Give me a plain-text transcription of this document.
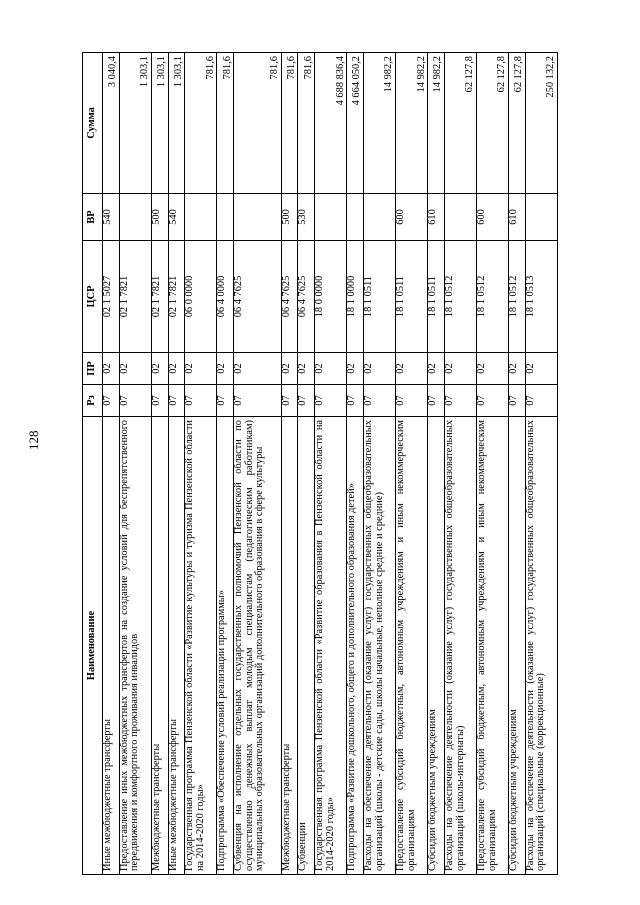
128
Наименование	Рз	ПР	ЦСР	ВР	Сумма
Иные межбюджетные трансферты	07	02	02 1 5027	540	3 040,4
Предоставление иных межбюджетных трансфертов на создание условий для беспрепятственного передвижения и комфортного проживания инвалидов	07	02	02 1 7821		1 303,1
Межбюджетные трансферты	07	02	02 1 7821	500	1 303,1
Иные межбюджетные трансферты	07	02	02 1 7821	540	1 303,1
Государственная программа Пензенской области «Развитие культуры и туризма Пензенской области на 2014-2020 годы»	07	02	06 0 0000		781,6
Подпрограмма «Обеспечение условий реализации программы»	07	02	06 4 0000		781,6
Субвенция на исполнение отдельных государственных полномочий Пензенской области по осуществлению денежных выплат молодым специалистам (педагогическим работникам) муниципальных образовательных организаций дополнительного образования в сфере культуры	07	02	06 4 7625		781,6
Межбюджетные трансферты	07	02	06 4 7625	500	781,6
Субвенции	07	02	06 4 7625	530	781,6
Государственная программа Пензенской области «Развитие образования в Пензенской области на 2014-2020 годы»	07	02	18 0 0000		4 688 836,4
Подпрограмма «Развитие дошкольного, общего и дополнительного образования детей»	07	02	18 1 0000		4 664 050,2
Расходы на обеспечение деятельности (оказание услуг) государственных общеобразовательных организаций (школы - детские сады, школы начальные, неполные средние и средние)	07	02	18 1 0511		14 982,2
Предоставление субсидий бюджетным, автономным учреждениям и иным некоммерческим организациям	07	02	18 1 0511	600	14 982,2
Субсидии бюджетным учреждениям	07	02	18 1 0511	610	14 982,2
Расходы на обеспечение деятельности (оказание услуг) государственных общеобразовательных организаций (школы-интернаты)	07	02	18 1 0512		62 127,8
Предоставление субсидий бюджетным, автономным учреждениям и иным некоммерческим организациям	07	02	18 1 0512	600	62 127,8
Субсидии бюджетным учреждениям	07	02	18 1 0512	610	62 127,8
Расходы на обеспечение деятельности (оказание услуг) государственных общеобразовательных организаций (специальные (коррекционные)	07	02	18 1 0513		250 132,2
